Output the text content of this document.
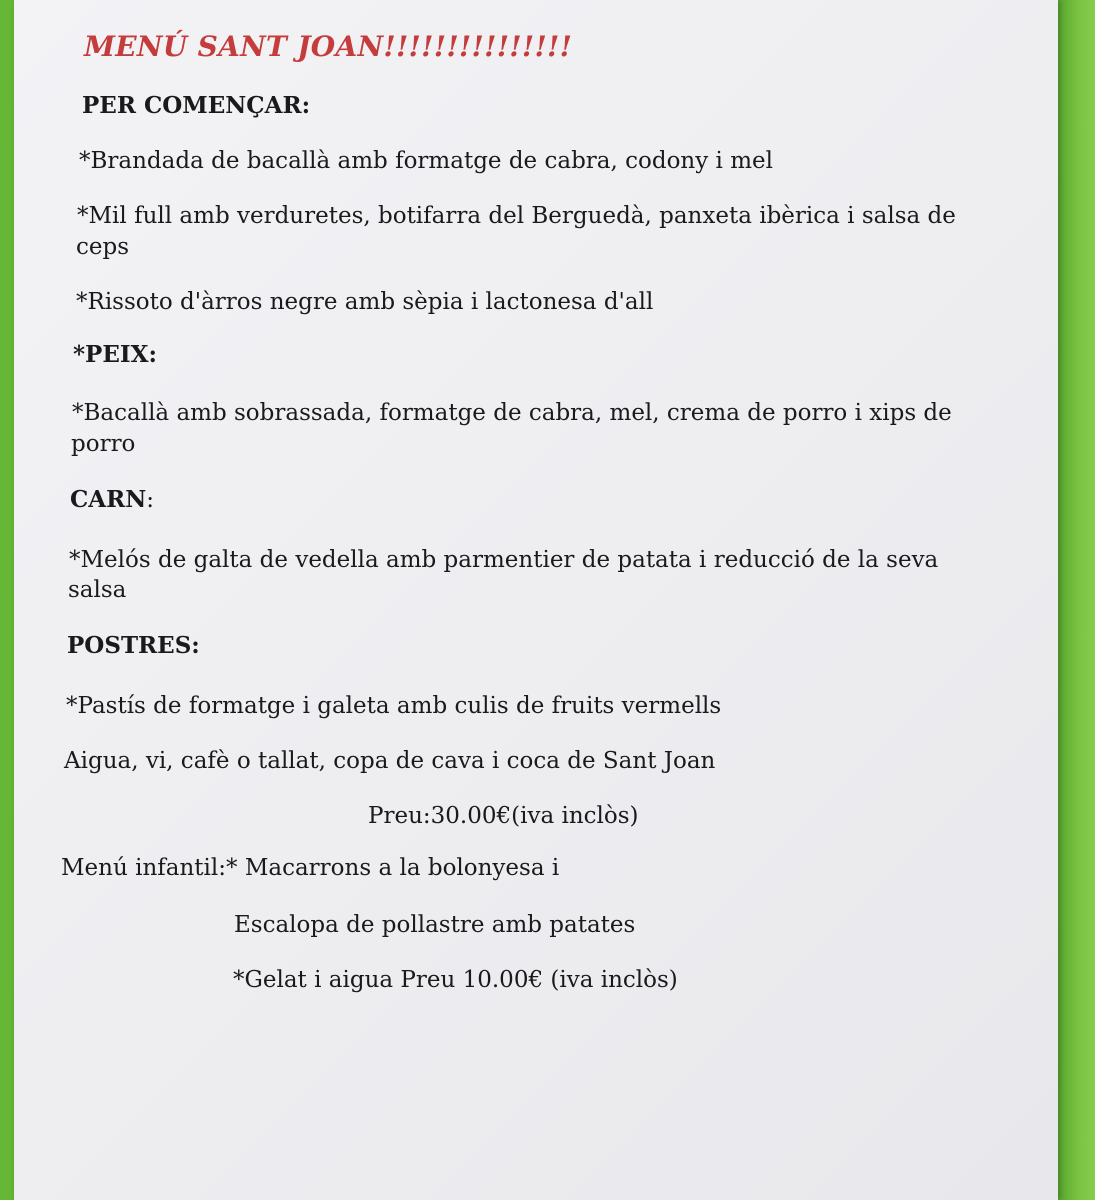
MENÚ SANT JOAN!!!!!!!!!!!!!!!
PER COMENÇAR:
*Brandada de bacallà amb formatge de cabra, codony i mel
*Mil full amb verduretes, botifarra del Berguedà, panxeta ibèrica i salsa de
ceps
*Rissoto d'àrros negre amb sèpia i lactonesa d'all
*PEIX:
*Bacallà amb sobrassada, formatge de cabra, mel, crema de porro i xips de
porro
CARN:
*Melós de galta de vedella amb parmentier de patata i reducció de la seva
salsa
POSTRES:
*Pastís de formatge i galeta amb culis de fruits vermells
Aigua, vi, cafè o tallat, copa de cava i coca de Sant Joan
Preu:30.00€(iva inclòs)
Menú infantil:* Macarrons a la bolonyesa i
Escalopa de pollastre amb patates
*Gelat i aigua Preu 10.00€ (iva inclòs)
